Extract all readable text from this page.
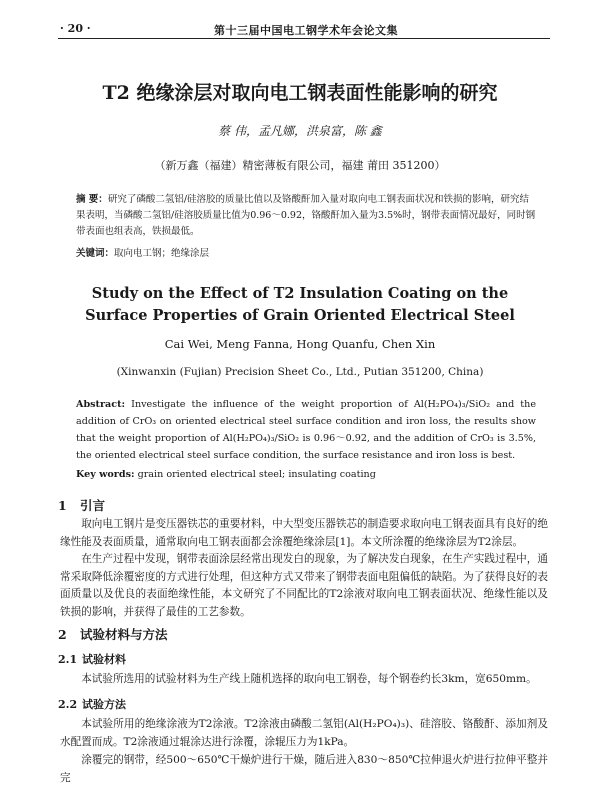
· 20 ·	第十三届中国电工钢学术年会论文集
T2 绝缘涂层对取向电工钢表面性能影响的研究
蔡 伟，孟凡娜，洪泉富，陈 鑫
（新万鑫（福建）精密薄板有限公司，福建 莆田 351200）
摘 要：研究了磷酸二氢铝/硅溶胶的质量比值以及铬酸酐加入量对取向电工钢表面状况和铁损的影响，研究结果表明，当磷酸二氢铝/硅溶胶质量比值为0.96～0.92，铬酸酐加入量为3.5%时，钢带表面情况最好，同时钢带表面也组表高，铁损最低。
关键词：取向电工钢；绝缘涂层
Study on the Effect of T2 Insulation Coating on the
Surface Properties of Grain Oriented Electrical Steel
Cai Wei, Meng Fanna, Hong Quanfu, Chen Xin
(Xinwanxin (Fujian) Precision Sheet Co., Ltd., Putian 351200, China)
Abstract: Investigate the influence of the weight proportion of Al(H₂PO₄)₃/SiO₂ and the addition of CrO₃ on oriented electrical steel surface condition and iron loss, the results show that the weight proportion of Al(H₂PO₄)₃/SiO₂ is 0.96～0.92, and the addition of CrO₃ is 3.5%, the oriented electrical steel surface condition, the surface resistance and iron loss is best.
Key words: grain oriented electrical steel; insulating coating
1 引言
取向电工钢片是变压器铁芯的重要材料，中大型变压器铁芯的制造要求取向电工钢表面具有良好的绝缘性能及表面质量，通常取向电工钢表面都会涂覆绝缘涂层[1]。本文所涂覆的绝缘涂层为T2涂层。
在生产过程中发现，钢带表面涂层经常出现发白的现象，为了解决发白现象，在生产实践过程中，通常采取降低涂覆密度的方式进行处理，但这种方式又带来了钢带表面电阻偏低的缺陷。为了获得良好的表面质量以及优良的表面绝缘性能，本文研究了不同配比的T2涂液对取向电工钢表面状况、绝缘性能以及铁损的影响，并获得了最佳的工艺参数。
2 试验材料与方法
2.1 试验材料
本试验所选用的试验材料为生产线上随机选择的取向电工钢卷，每个钢卷约长3km，宽650mm。
2.2 试验方法
本试验所用的绝缘涂液为T2涂液。T2涂液由磷酸二氢铝(Al(H₂PO₄)₃)、硅溶胶、铬酸酐、添加剂及水配置而成。T2涂液通过辊涂达进行涂覆，涂辊压力为1kPa。
涂覆完的钢带，经500～650℃干燥炉进行干燥，随后进入830～850℃拉伸退火炉进行拉伸平整并完
